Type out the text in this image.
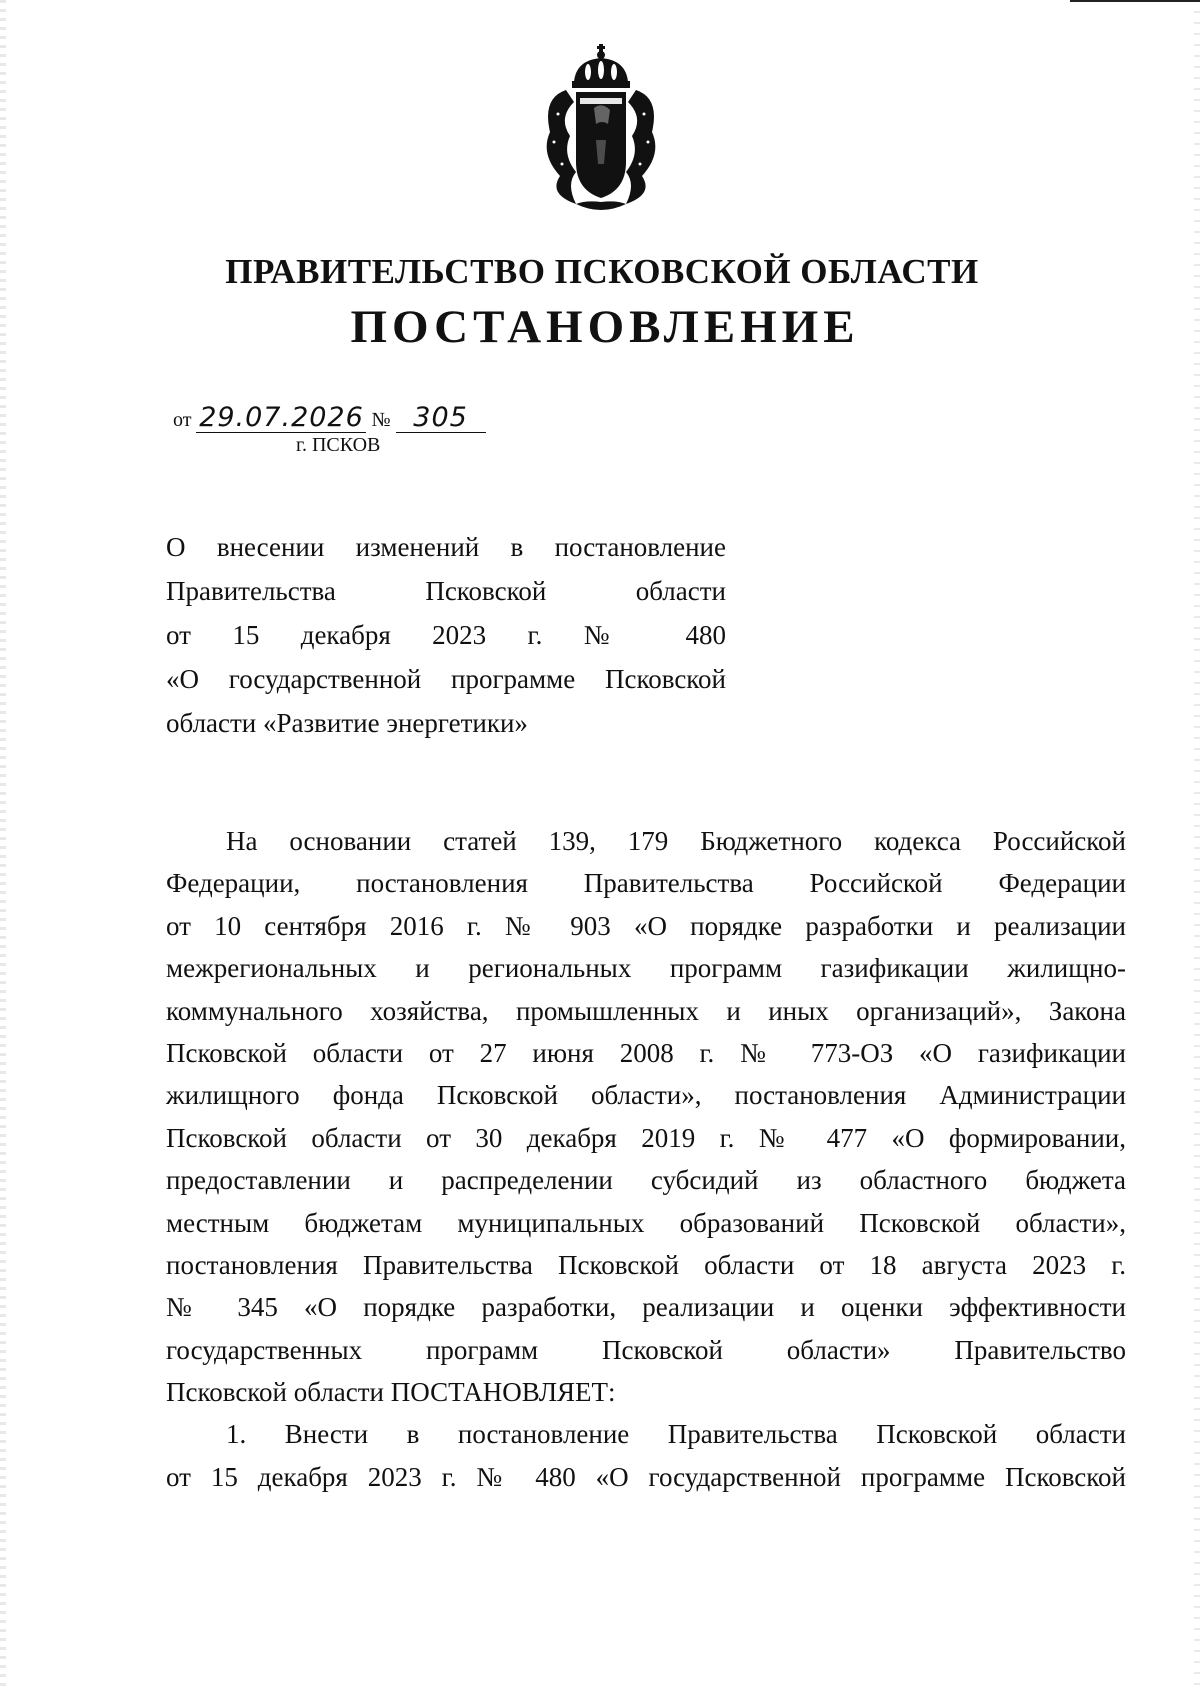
ПРАВИТЕЛЬСТВО ПСКОВСКОЙ ОБЛАСТИ
ПОСТАНОВЛЕНИЕ
от 29.07.2026 № 305
г. ПСКОВ
О внесении изменений в постановление
Правительства Псковской области
от 15 декабря 2023 г. № 480
«О государственной программе Псковской
области «Развитие энергетики»
На основании статей 139, 179 Бюджетного кодекса Российской
Федерации, постановления Правительства Российской Федерации
от 10 сентября 2016 г. № 903 «О порядке разработки и реализации
межрегиональных и региональных программ газификации жилищно-
коммунального хозяйства, промышленных и иных организаций», Закона
Псковской области от 27 июня 2008 г. № 773-ОЗ «О газификации
жилищного фонда Псковской области», постановления Администрации
Псковской области от 30 декабря 2019 г. № 477 «О формировании,
предоставлении и распределении субсидий из областного бюджета
местным бюджетам муниципальных образований Псковской области»,
постановления Правительства Псковской области от 18 августа 2023 г.
№ 345 «О порядке разработки, реализации и оценки эффективности
государственных программ Псковской области» Правительство
Псковской области ПОСТАНОВЛЯЕТ:
1. Внести в постановление Правительства Псковской области
от 15 декабря 2023 г. № 480 «О государственной программе Псковской
